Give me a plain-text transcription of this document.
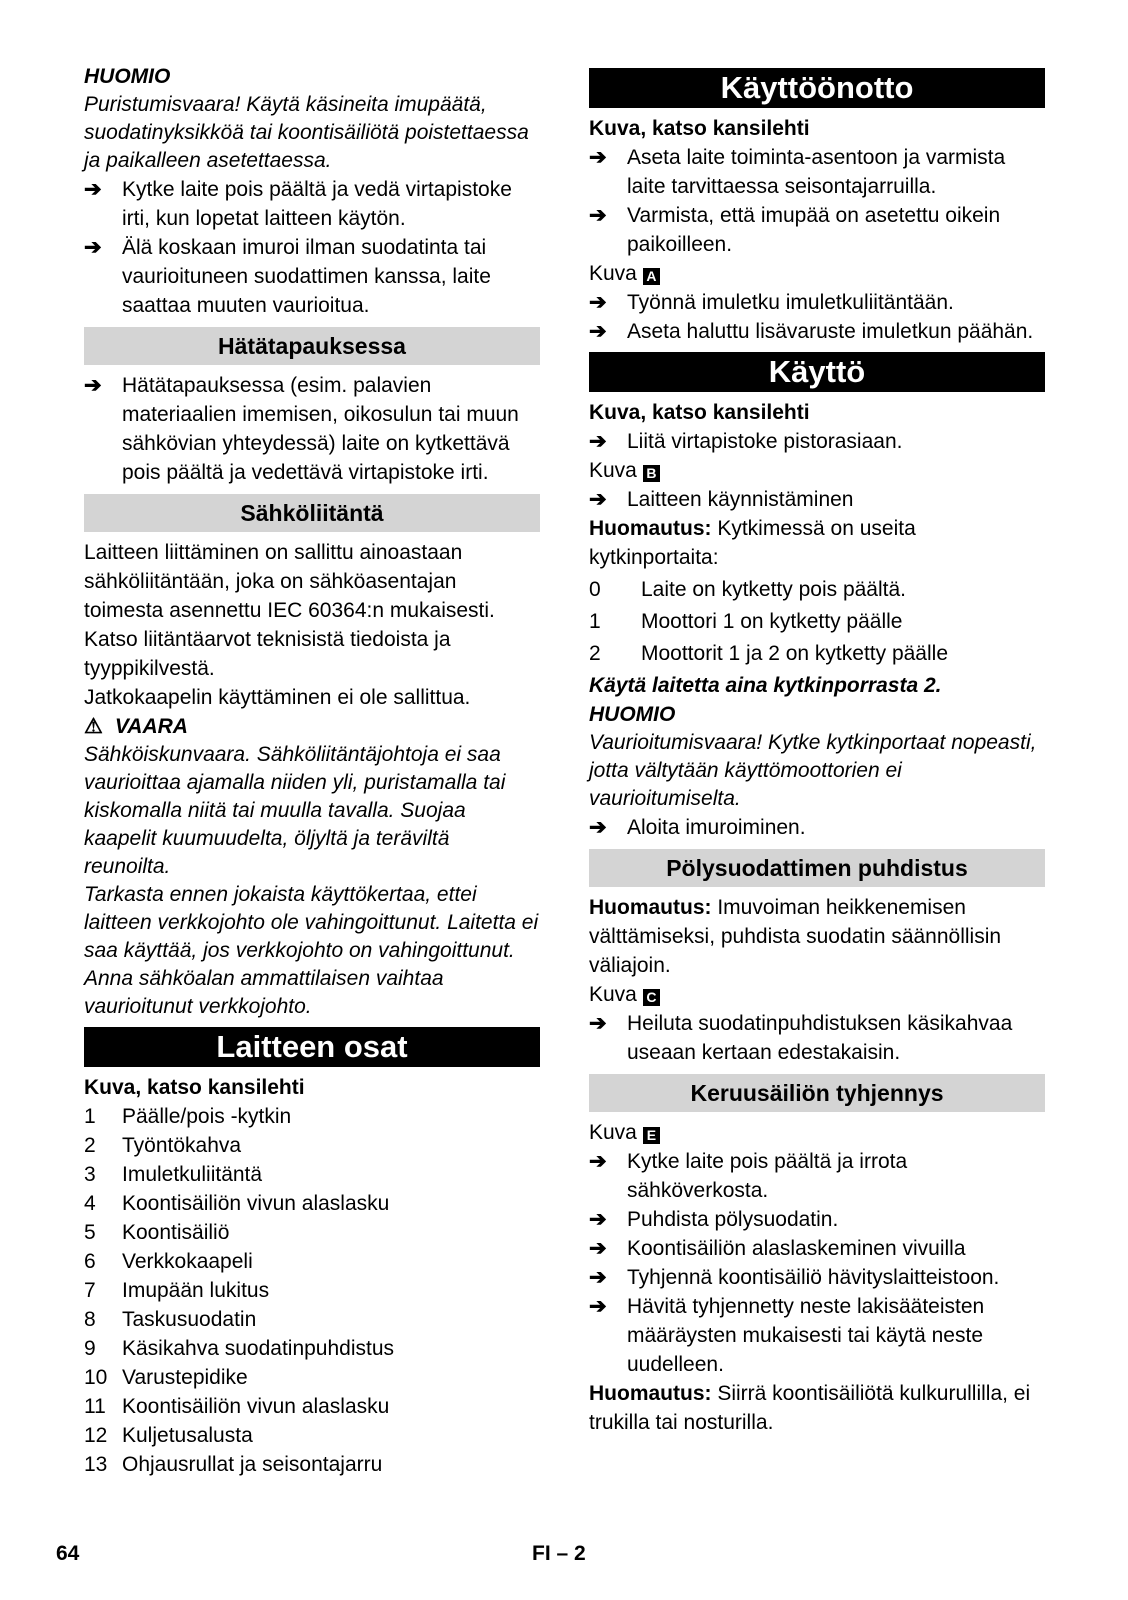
HUOMIO

Puristumisvaara! Käytä käsineita imupäätä, suodatinyksikköä tai koontisäiliötä poistettaessa ja paikalleen asetettaessa.

➔ Kytke laite pois päältä ja vedä virtapistoke irti, kun lopetat laitteen käytön.
➔ Älä koskaan imuroi ilman suodatinta tai vaurioituneen suodattimen kanssa, laite saattaa muuten vaurioitua.
Hätätapauksessa
➔ Hätätapauksessa (esim. palavien materiaalien imemisen, oikosulun tai muun sähkövian yhteydessä) laite on kytkettävä pois päältä ja vedettävä virtapistoke irti.
Sähköliitäntä

Laitteen liittäminen on sallittu ainoastaan sähköliitäntään, joka on sähköasentajan toimesta asennettu IEC 60364:n mukaisesti.

Katso liitäntäarvot teknisistä tiedoista ja tyyppikilvestä.

Jatkokaapelin käyttäminen ei ole sallittua.

⚠ VAARA

Sähköiskunvaara. Sähköliitäntäjohtoja ei saa vaurioittaa ajamalla niiden yli, puristamalla tai kiskomalla niitä tai muulla tavalla. Suojaa kaapelit kuumuudelta, öljyltä ja teräviltä reunoilta.

Tarkasta ennen jokaista käyttökertaa, ettei laitteen verkkojohto ole vahingoittunut. Laitetta ei saa käyttää, jos verkkojohto on vahingoittunut. Anna sähköalan ammattilaisen vaihtaa vaurioitunut verkkojohto.

Laitteen osat

Kuva, katso kansilehti

1 Päälle/pois -kytkin
2 Työntökahva
3 Imuletkuliitäntä
4 Koontisäiliön vivun alaslasku
5 Koontisäiliö
6 Verkkokaapeli
7 Imupään lukitus
8 Taskusuodatin
9 Käsikahva suodatinpuhdistus
10 Varustepidike
11 Koontisäiliön vivun alaslasku
12 Kuljetusalusta
13 Ohjausrullat ja seisontajarru
Käyttöönotto

Kuva, katso kansilehti

➔ Aseta laite toiminta-asentoon ja varmista laite tarvittaessa seisontajarruilla.
➔ Varmista, että imupää on asetettu oikein paikoilleen.

Kuva A

➔ Työnnä imuletku imuletkuliitäntään.
➔ Aseta haluttu lisävaruste imuletkun päähän.
Käyttö

Kuva, katso kansilehti

➔ Liitä virtapistoke pistorasiaan.

Kuva B

➔ Laitteen käynnistäminen

Huomautus: Kytkimessä on useita kytkinportaita:

0 Laite on kytketty pois päältä.
1 Moottori 1 on kytketty päälle
2 Moottorit 1 ja 2 on kytketty päälle

Käytä laitetta aina kytkinporrasta 2.

HUOMIO

Vaurioitumisvaara! Kytke kytkinportaat nopeasti, jotta vältytään käyttömoottorien ei vaurioitumiselta.

➔ Aloita imuroiminen.
Pölysuodattimen puhdistus

Huomautus: Imuvoiman heikkenemisen välttämiseksi, puhdista suodatin säännöllisin väliajoin.

Kuva C

➔ Heiluta suodatinpuhdistuksen käsikahvaa useaan kertaan edestakaisin.
Keruusäiliön tyhjennys

Kuva E

➔ Kytke laite pois päältä ja irrota sähköverkosta.
➔ Puhdista pölysuodatin.
➔ Koontisäiliön alaslaskeminen vivuilla
➔ Tyhjennä koontisäiliö hävityslaitteistoon.
➔ Hävitä tyhjennetty neste lakisääteisten määräysten mukaisesti tai käytä neste uudelleen.

Huomautus: Siirrä koontisäiliötä kulkurullilla, ei trukilla tai nosturilla.

64	FI – 2
